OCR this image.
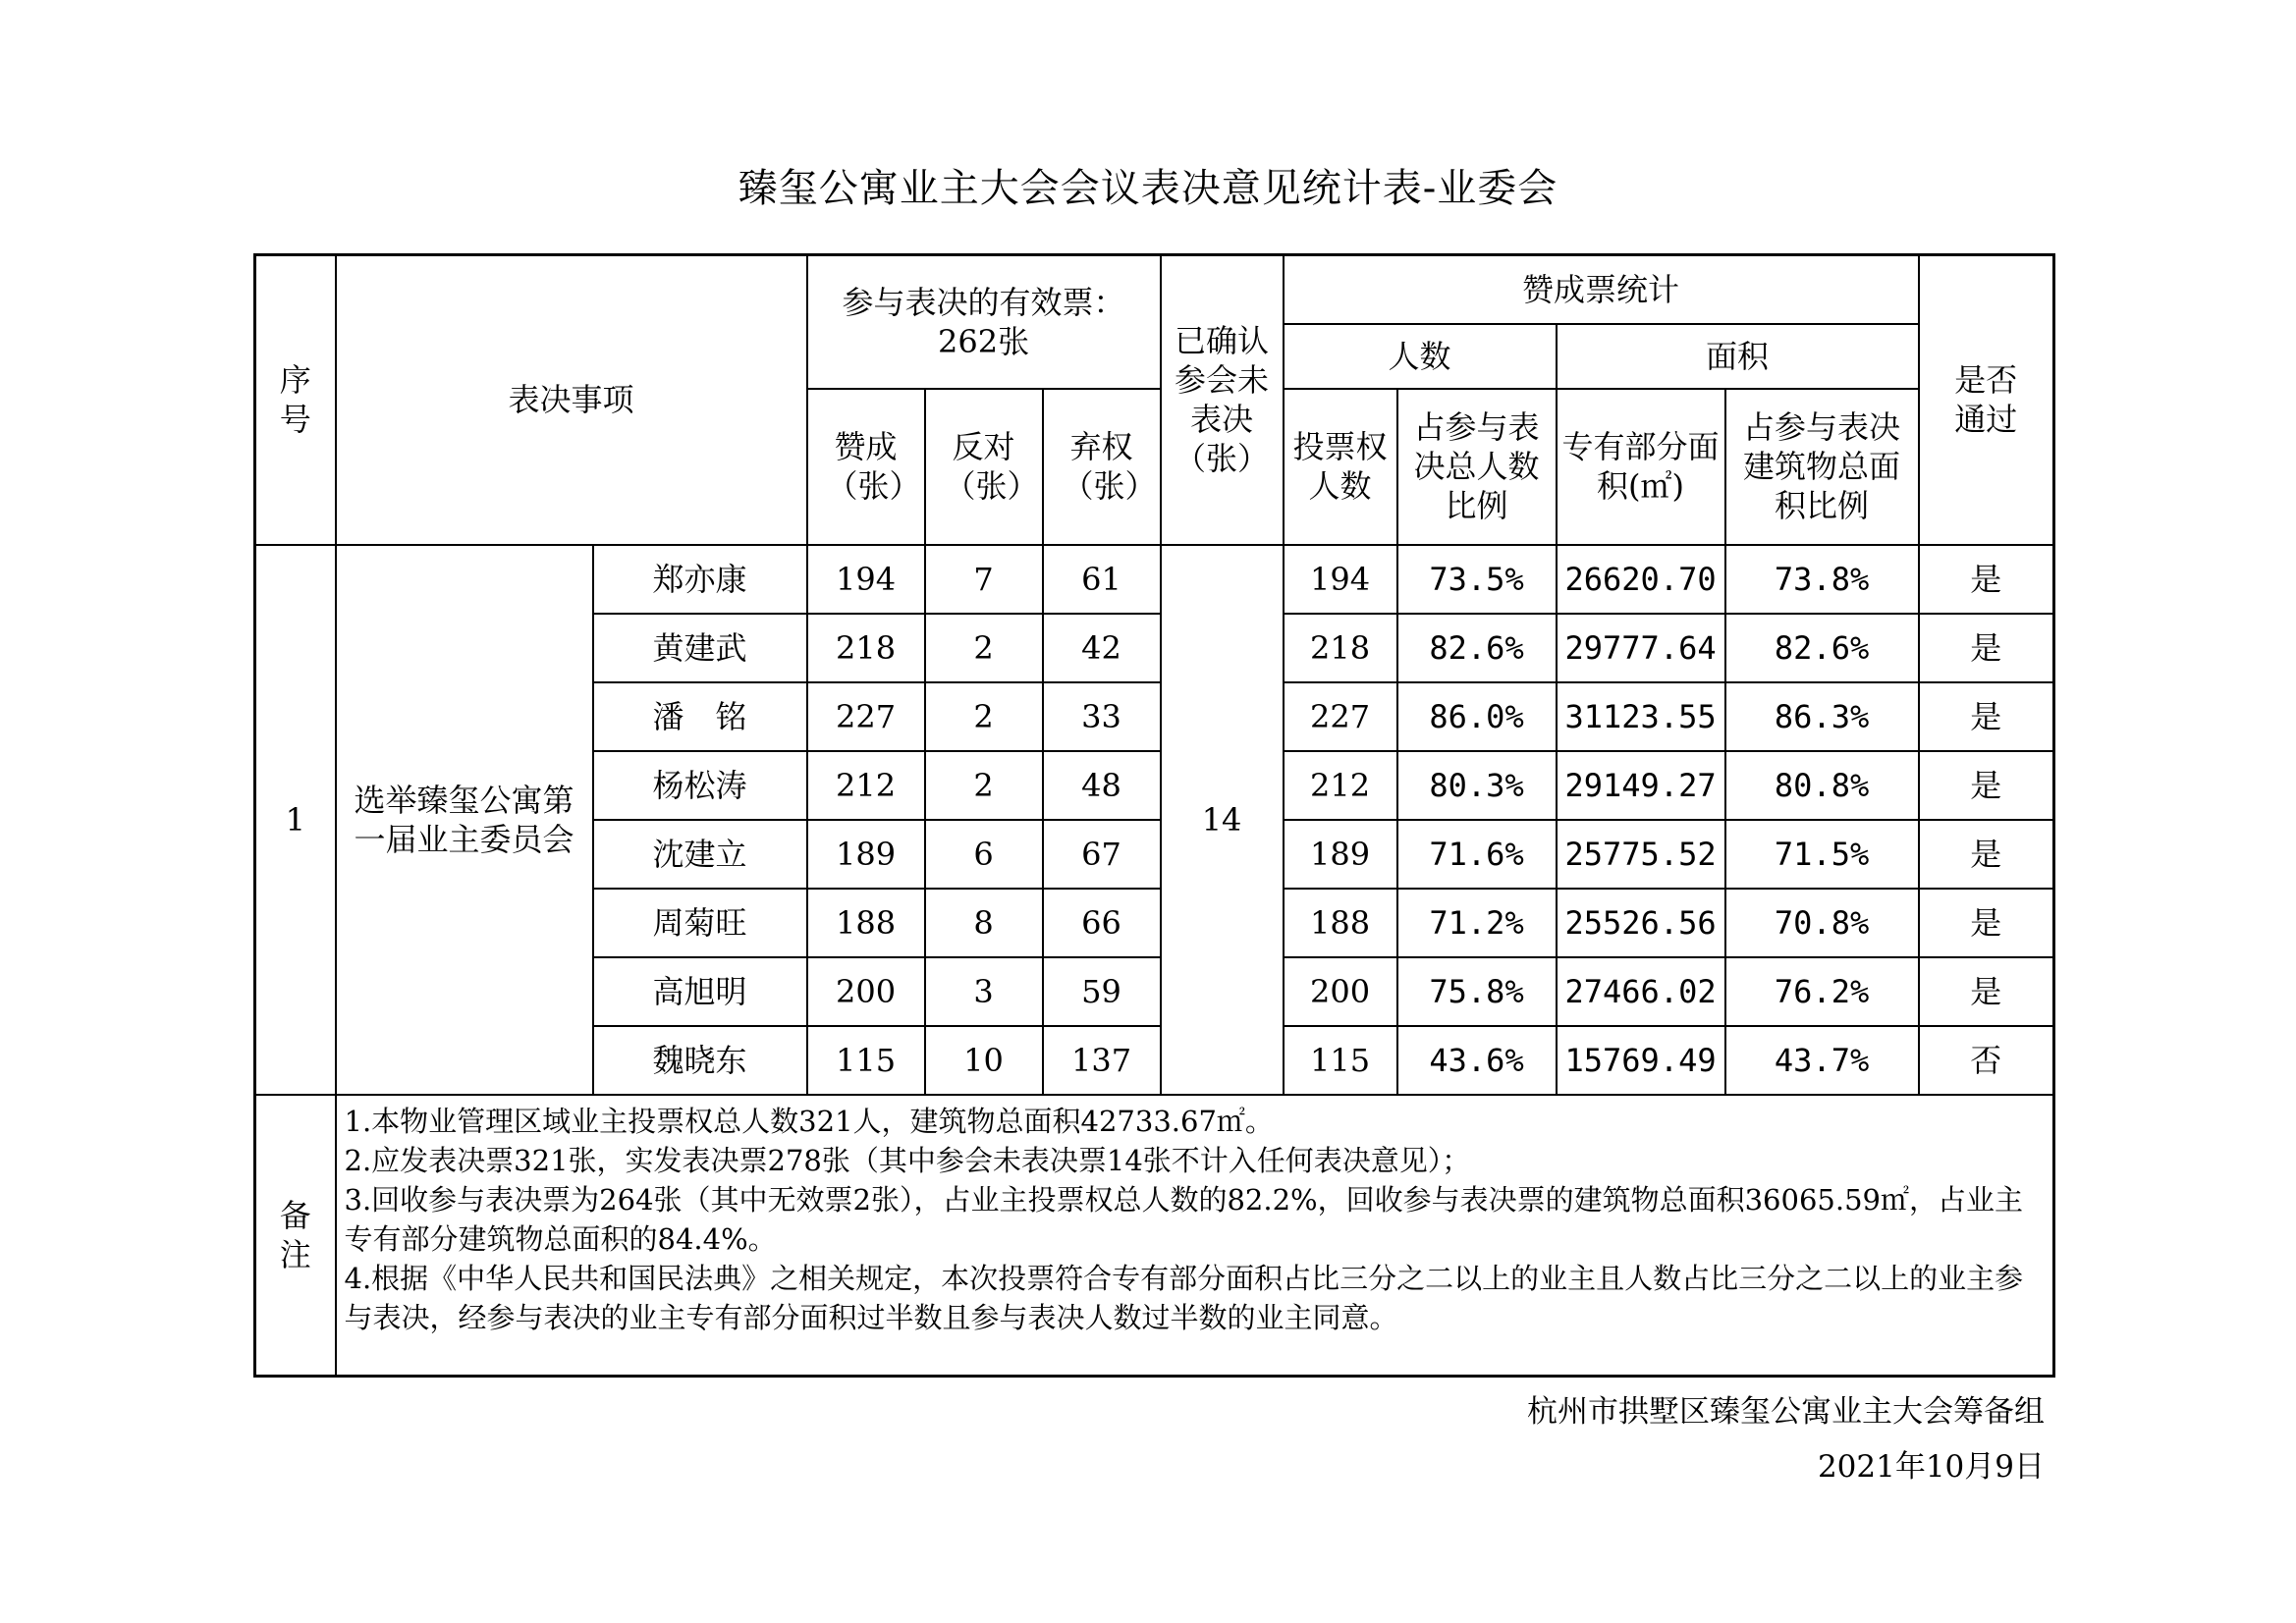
臻玺公寓业主大会会议表决意见统计表-业委会
序号	表决事项		参与表决的有效票：262张			已确认参会未表决（张）	赞成票统计				是否通过
							人数		面积		
			赞成（张）	反对（张）	弃权（张）		投票权人数	占参与表决总人数比例	专有部分面积(㎡)	占参与表决建筑物总面积比例	
1	选举臻玺公寓第一届业主委员会	郑亦康	194	7	61	14	194	73.5%	26620.70	73.8%	是
		黄建武	218	2	42		218	82.6%	29777.64	82.6%	是
		潘　铭	227	2	33		227	86.0%	31123.55	86.3%	是
		杨松涛	212	2	48		212	80.3%	29149.27	80.8%	是
		沈建立	189	6	67		189	71.6%	25775.52	71.5%	是
		周菊旺	188	8	66		188	71.2%	25526.56	70.8%	是
		高旭明	200	3	59		200	75.8%	27466.02	76.2%	是
		魏晓东	115	10	137		115	43.6%	15769.49	43.7%	否
备注	1.本物业管理区域业主投票权总人数321人，建筑物总面积42733.67㎡。
2.应发表决票321张，实发表决票278张（其中参会未表决票14张不计入任何表决意见）；
3.回收参与表决票为264张（其中无效票2张），占业主投票权总人数的82.2%，回收参与表决票的建筑物总面积36065.59㎡，占业主专有部分建筑物总面积的84.4%。
4.根据《中华人民共和国民法典》之相关规定，本次投票符合专有部分面积占比三分之二以上的业主且人数占比三分之二以上的业主参与表决，经参与表决的业主专有部分面积过半数且参与表决人数过半数的业主同意。										
杭州市拱墅区臻玺公寓业主大会筹备组
2021年10月9日
